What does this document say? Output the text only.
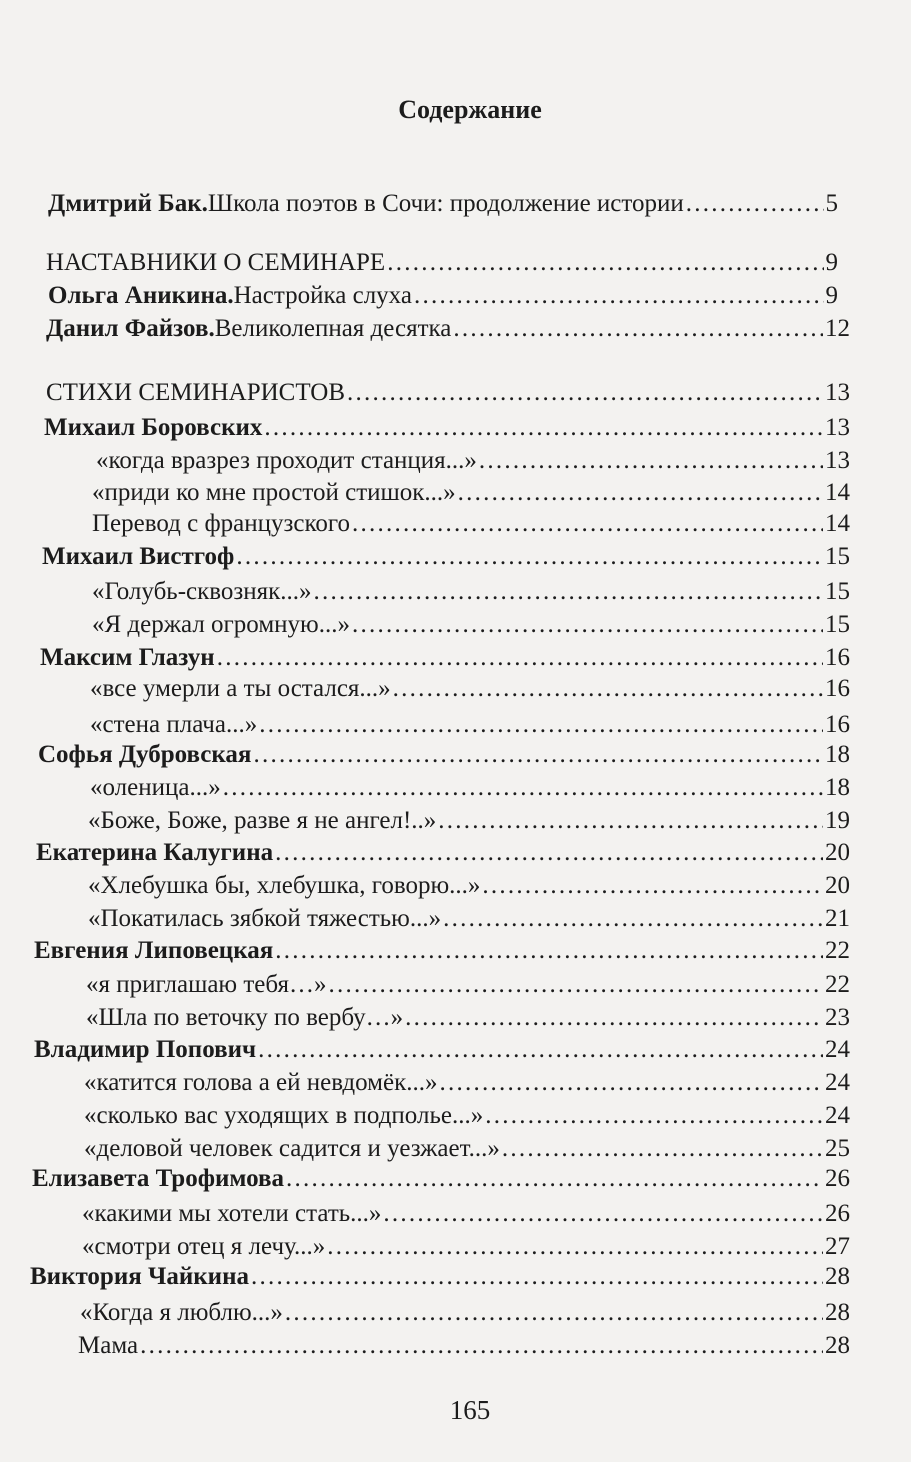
Содержание
Дмитрий Бак. Школа поэтов в Сочи: продолжение истории . . .	5
НАСТАВНИКИ О СЕМИНАРЕ . . .	9
Ольга Аникина. Настройка слуха . . .	9
Данил Файзов. Великолепная десятка . . .	12
СТИХИ СЕМИНАРИСТОВ . . .	13
Михаил Боровских . . .	13
«когда вразрез проходит станция...» . . .	13
«приди ко мне простой стишок...» . . .	14
Перевод с французского . . .	14
Михаил Вистгоф . . .	15
«Голубь-сквозняк...» . . .	15
«Я держал огромную...» . . .	15
Максим Глазун . . .	16
«все умерли а ты остался...» . . .	16
«стена плача...» . . .	16
Софья Дубровская . . .	18
«оленица...» . . .	18
«Боже, Боже, разве я не ангел!..» . . .	19
Екатерина Калугина . . .	20
«Хлебушка бы, хлебушка, говорю...» . . .	20
«Покатилась зябкой тяжестью...» . . .	21
Евгения Липовецкая . . .	22
«я приглашаю тебя…» . . .	22
«Шла по веточку по вербу…» . . .	23
Владимир Попович . . .	24
«катится голова а ей невдомёк...» . . .	24
«сколько вас уходящих в подполье...» . . .	24
«деловой человек садится и уезжает...» . . .	25
Елизавета Трофимова . . .	26
«какими мы хотели стать...» . . .	26
«смотри отец я лечу...» . . .	27
Виктория Чайкина . . .	28
«Когда я люблю...» . . .	28
Мама . . .	28
165
